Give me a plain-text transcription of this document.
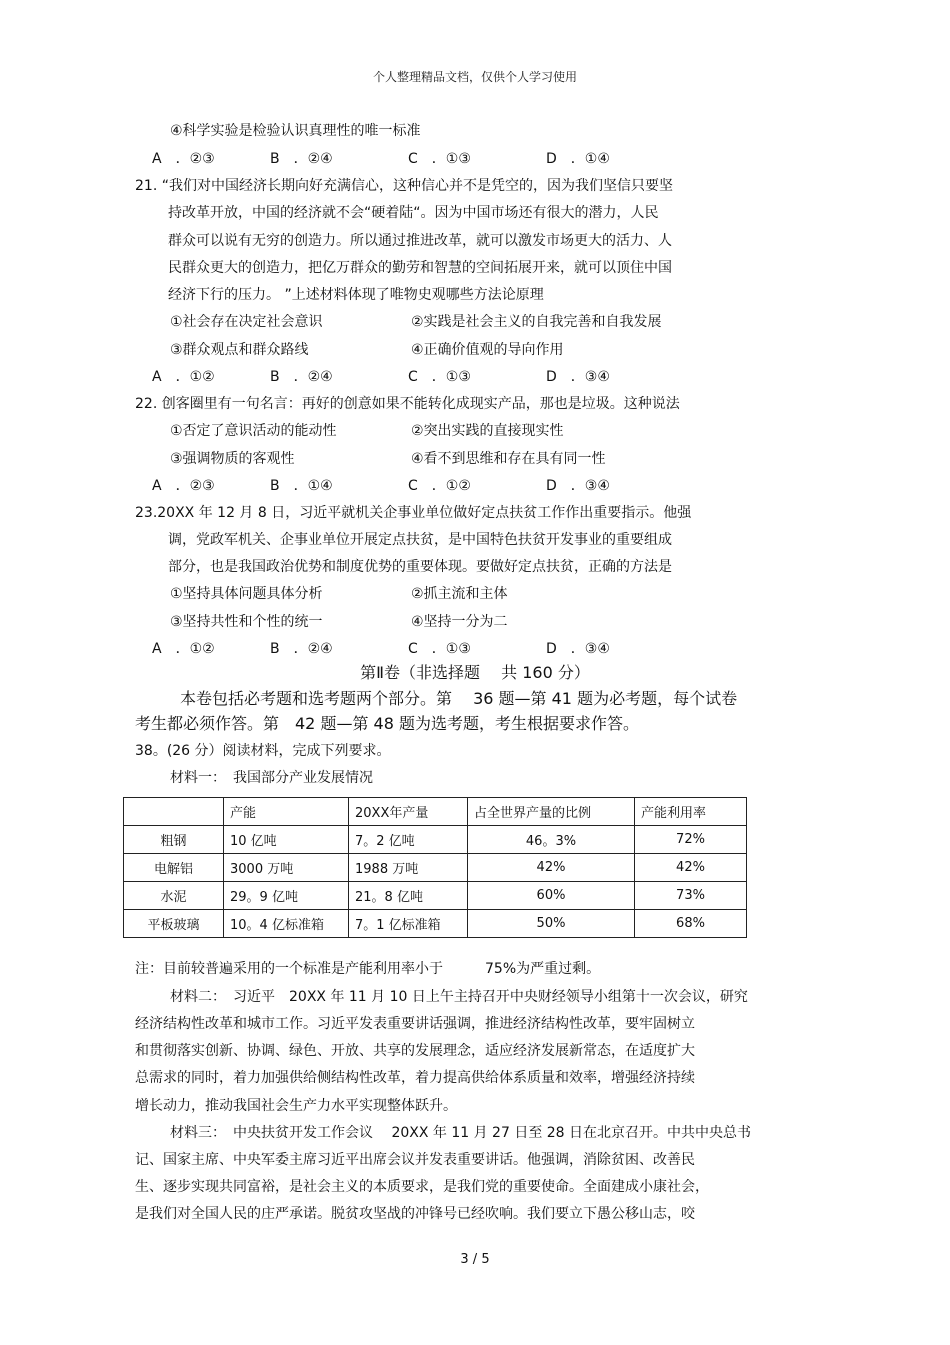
个人整理精品文档，仅供个人学习使用
④科学实验是检验认识真理性的唯一标准
A　．②③	B　．②④	C　．①③	D　．①④
21. “我们对中国经济长期向好充满信心，这种信心并不是凭空的，因为我们坚信只要坚
持改革开放，中国的经济就不会“硬着陆“。因为中国市场还有很大的潜力，人民
群众可以说有无穷的创造力。所以通过推进改革，就可以激发市场更大的活力、人
民群众更大的创造力，把亿万群众的勤劳和智慧的空间拓展开来，就可以顶住中国
经济下行的压力。 ”上述材料体现了唯物史观哪些方法论原理
①社会存在决定社会意识	②实践是社会主义的自我完善和自我发展
③群众观点和群众路线	④正确价值观的导向作用
A　．①②	B　．②④	C　．①③	D　．③④
22. 创客圈里有一句名言：再好的创意如果不能转化成现实产品，那也是垃圾。这种说法
①否定了意识活动的能动性	②突出实践的直接现实性
③强调物质的客观性	④看不到思维和存在具有同一性
A　．②③	B　．①④	C　．①②	D　．③④
23.20XX 年 12 月 8 日，习近平就机关企事业单位做好定点扶贫工作作出重要指示。他强
调，党政军机关、企事业单位开展定点扶贫，是中国特色扶贫开发事业的重要组成
部分，也是我国政治优势和制度优势的重要体现。要做好定点扶贫，正确的方法是
①坚持具体问题具体分析	②抓主流和主体
③坚持共性和个性的统一	④坚持一分为二
A　．①②	B　．②④	C　．①③	D　．③④
第Ⅱ卷（非选择题　 共 160 分）
本卷包括必考题和选考题两个部分。第　 36 题—第 41 题为必考题，每个试卷
考生都必须作答。第　42 题—第 48 题为选考题，考生根据要求作答。
38。(26 分）阅读材料，完成下列要求。
材料一：　我国部分产业发展情况
	产能	20XX年产量	占全世界产量的比例	产能利用率
粗钢	10 亿吨	7。2 亿吨	46。3%	72%
电解铝	3000 万吨	1988 万吨	42%	42%
水泥	29。9 亿吨	21。8 亿吨	60%	73%
平板玻璃	10。4 亿标准箱	7。1 亿标准箱	50%	68%
注：目前较普遍采用的一个标准是产能利用率小于　　　75%为严重过剩。
材料二：　习近平　20XX 年 11 月 10 日上午主持召开中央财经领导小组第十一次会议，研究
经济结构性改革和城市工作。习近平发表重要讲话强调，推进经济结构性改革，要牢固树立
和贯彻落实创新、协调、绿色、开放、共享的发展理念，适应经济发展新常态，在适度扩大
总需求的同时，着力加强供给侧结构性改革，着力提高供给体系质量和效率，增强经济持续
增长动力，推动我国社会生产力水平实现整体跃升。
材料三：　中央扶贫开发工作会议　 20XX 年 11 月 27 日至 28 日在北京召开。中共中央总书
记、国家主席、中央军委主席习近平出席会议并发表重要讲话。他强调，消除贫困、改善民
生、逐步实现共同富裕，是社会主义的本质要求，是我们党的重要使命。全面建成小康社会，
是我们对全国人民的庄严承诺。脱贫攻坚战的冲锋号已经吹响。我们要立下愚公移山志，咬
3 / 5
